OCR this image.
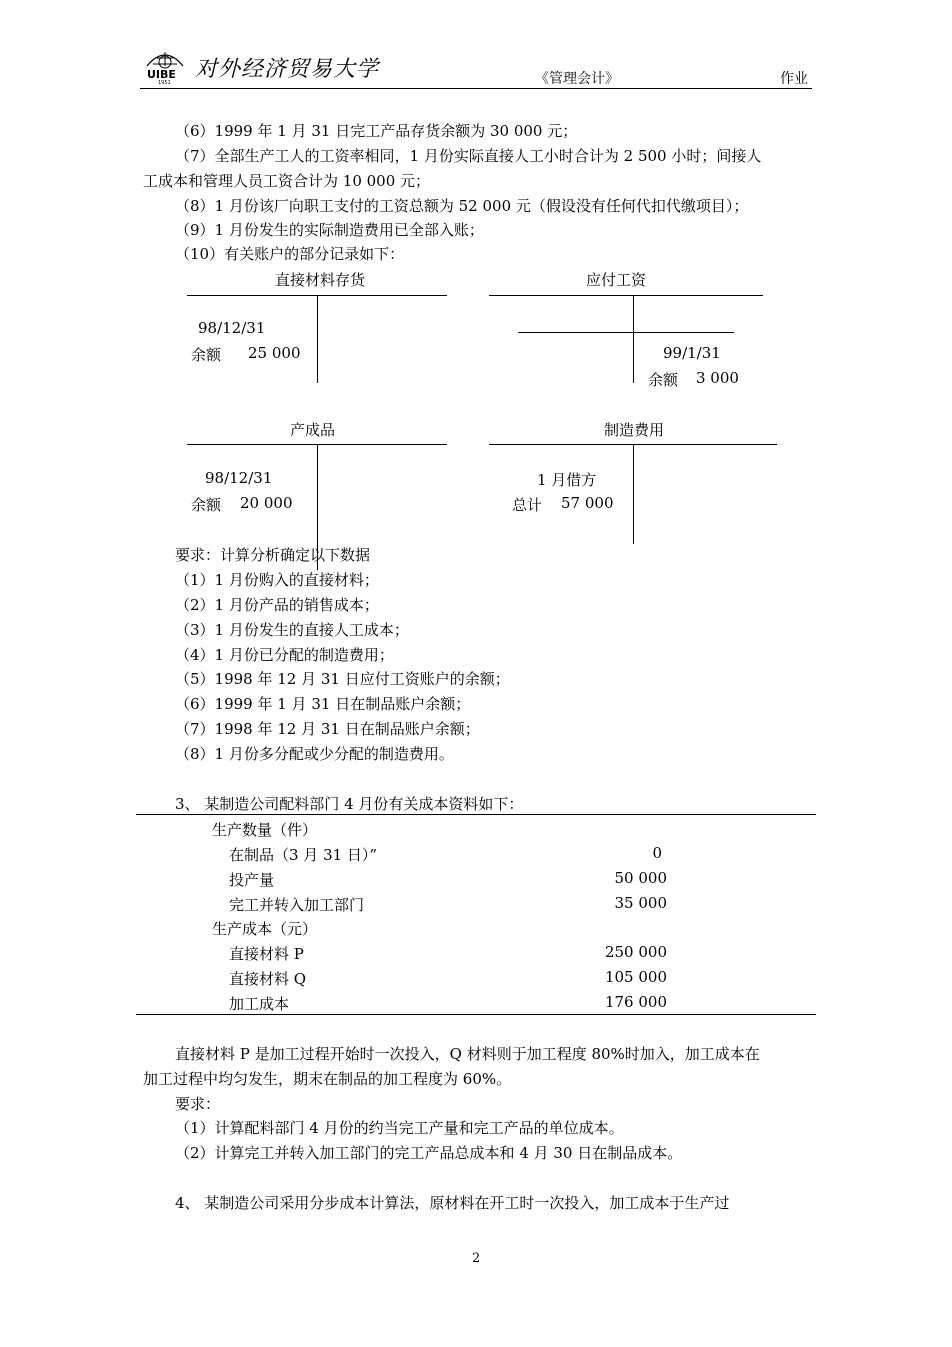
UIBE
1951
对外经济贸易大学	《管理会计》	作业
（6）1999 年 1 月 31 日完工产品存货余额为 30 000 元；
（7）全部生产工人的工资率相同，1 月份实际直接人工小时合计为 2 500 小时；间接人
工成本和管理人员工资合计为 10 000 元；
（8）1 月份该厂向职工支付的工资总额为 52 000 元（假设没有任何代扣代缴项目）；
（9）1 月份发生的实际制造费用已全部入账；
（10）有关账户的部分记录如下：
直接材料存货
98/12/31
余额 25 000
应付工资
99/1/31
余额 3 000
产成品
98/12/31
余额 20 000
制造费用
1 月借方
总计 57 000
要求：计算分析确定以下数据
（1）1 月份购入的直接材料；
（2）1 月份产品的销售成本；
（3）1 月份发生的直接人工成本；
（4）1 月份已分配的制造费用；
（5）1998 年 12 月 31 日应付工资账户的余额；
（6）1999 年 1 月 31 日在制品账户余额；
（7）1998 年 12 月 31 日在制品账户余额；
（8）1 月份多分配或少分配的制造费用。
3、 某制造公司配料部门 4 月份有关成本资料如下：
生产数量（件）
在制品（3 月 31 日）”	0
投产量	50 000
完工并转入加工部门	35 000
生产成本（元）
直接材料 P	250 000
直接材料 Q	105 000
加工成本	176 000
直接材料 P 是加工过程开始时一次投入，Q 材料则于加工程度 80%时加入，加工成本在
加工过程中均匀发生，期末在制品的加工程度为 60%。
要求：
（1）计算配料部门 4 月份的约当完工产量和完工产品的单位成本。
（2）计算完工并转入加工部门的完工产品总成本和 4 月 30 日在制品成本。
4、 某制造公司采用分步成本计算法，原材料在开工时一次投入，加工成本于生产过
2
